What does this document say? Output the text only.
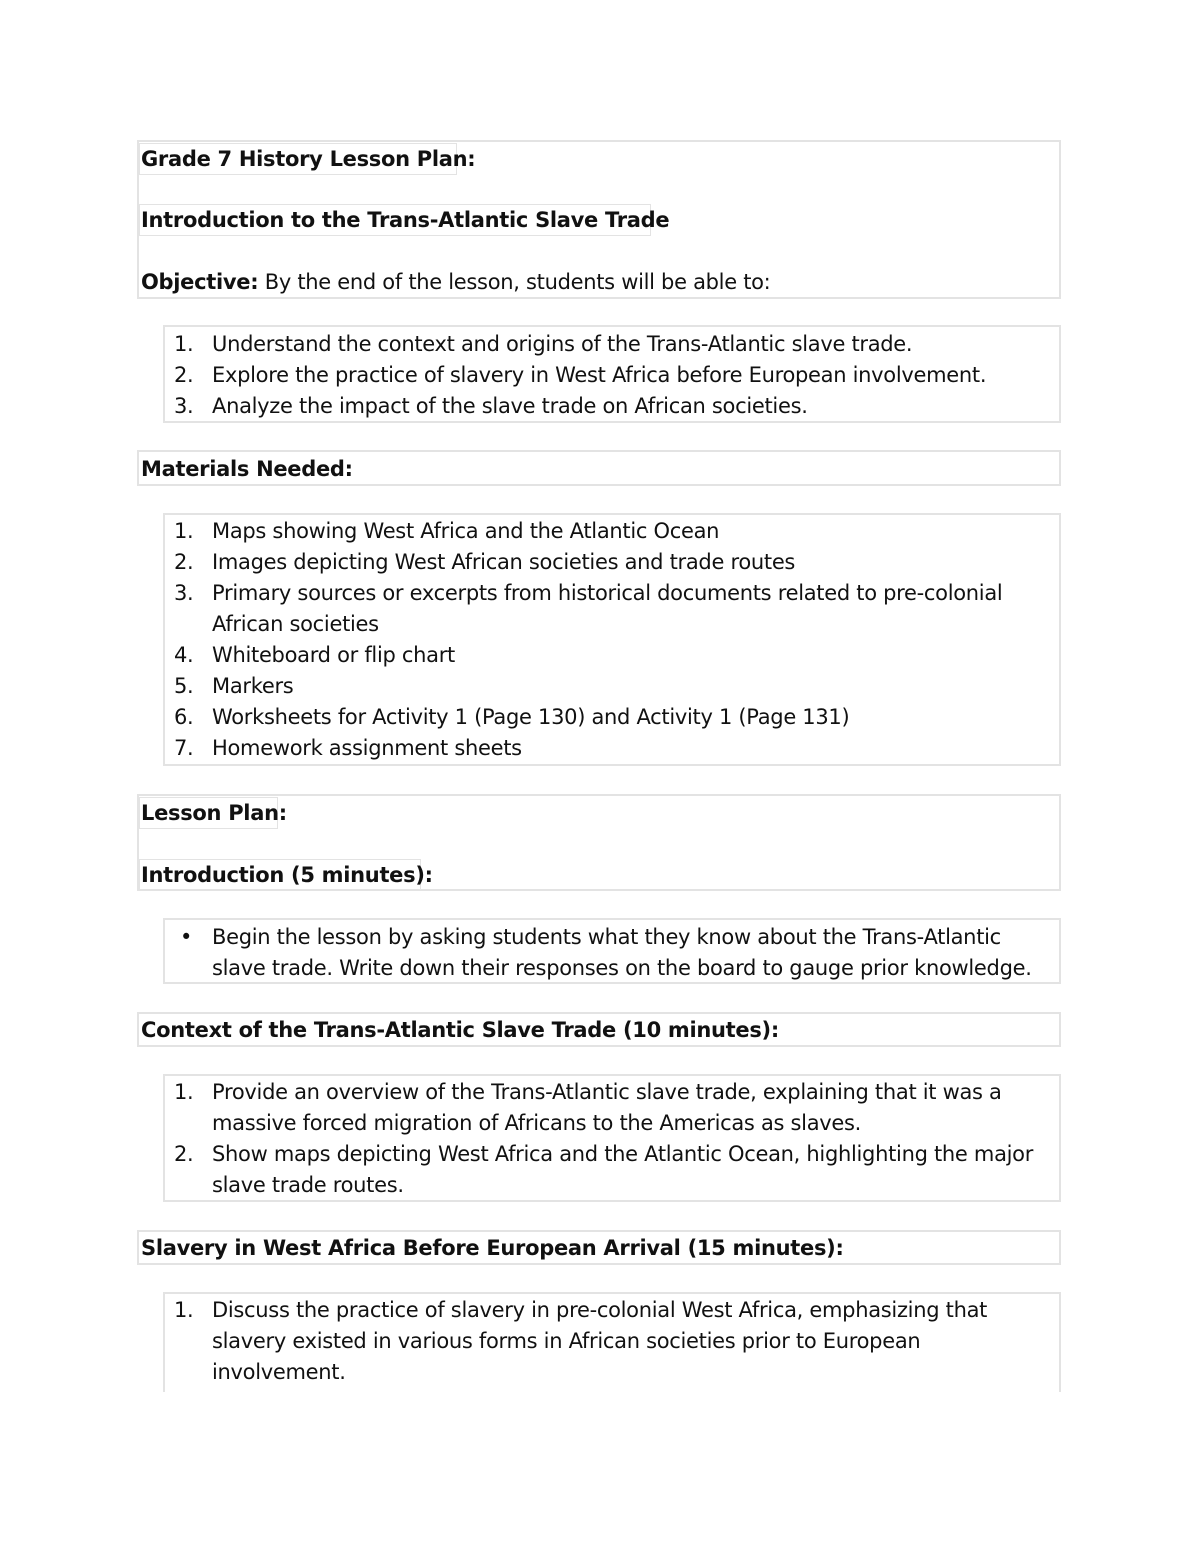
Grade 7 History Lesson Plan:
Introduction to the Trans-Atlantic Slave Trade
Objective: By the end of the lesson, students will be able to:
1. Understand the context and origins of the Trans-Atlantic slave trade.
2. Explore the practice of slavery in West Africa before European involvement.
3. Analyze the impact of the slave trade on African societies.
Materials Needed:
1. Maps showing West Africa and the Atlantic Ocean
2. Images depicting West African societies and trade routes
3. Primary sources or excerpts from historical documents related to pre-colonial African societies
4. Whiteboard or flip chart
5. Markers
6. Worksheets for Activity 1 (Page 130) and Activity 1 (Page 131)
7. Homework assignment sheets
Lesson Plan:
Introduction (5 minutes):
• Begin the lesson by asking students what they know about the Trans-Atlantic slave trade. Write down their responses on the board to gauge prior knowledge.
Context of the Trans-Atlantic Slave Trade (10 minutes):
1. Provide an overview of the Trans-Atlantic slave trade, explaining that it was a massive forced migration of Africans to the Americas as slaves.
2. Show maps depicting West Africa and the Atlantic Ocean, highlighting the major slave trade routes.
Slavery in West Africa Before European Arrival (15 minutes):
1. Discuss the practice of slavery in pre-colonial West Africa, emphasizing that slavery existed in various forms in African societies prior to European involvement.
